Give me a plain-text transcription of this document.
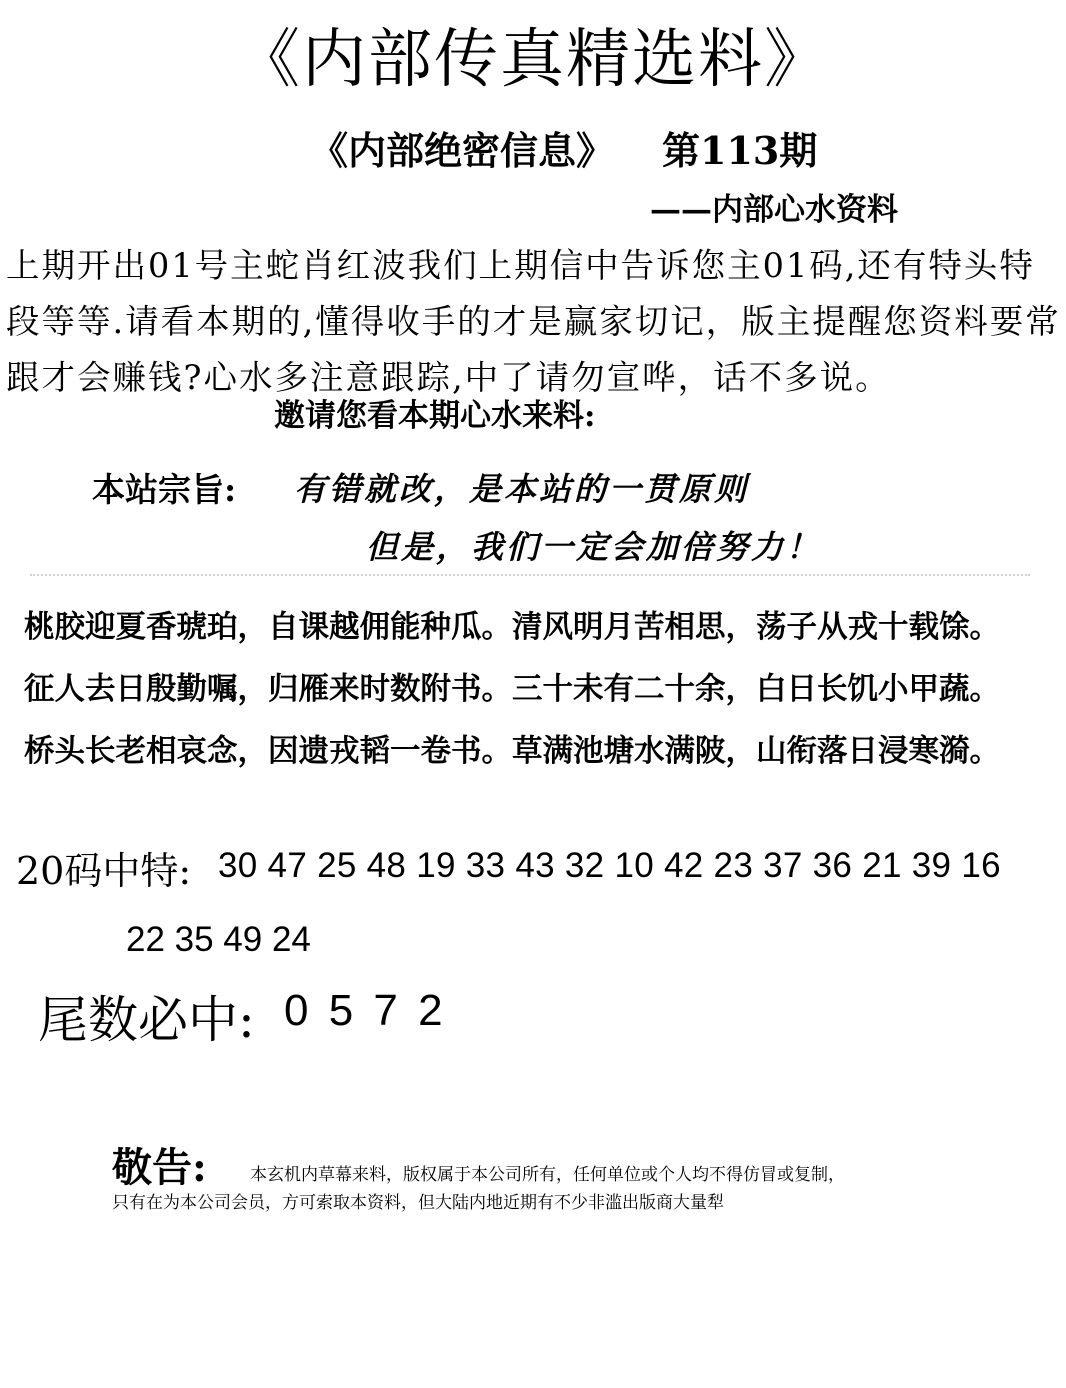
《内部传真精选料》
《内部绝密信息》 第113期
——内部心水资料
上期开出01号主蛇肖红波我们上期信中告诉您主01码,还有特头特段等等.请看本期的,懂得收手的才是赢家切记，版主提醒您资料要常跟才会赚钱?心水多注意跟踪,中了请勿宣哗，话不多说。
邀请您看本期心水来料:
本站宗旨: 有错就改，是本站的一贯原则
但是，我们一定会加倍努力！
桃胶迎夏香琥珀，自课越佣能种瓜。清风明月苦相思，荡子从戎十载馀。
征人去日殷勤嘱，归雁来时数附书。三十未有二十余，白日长饥小甲蔬。
桥头长老相哀念，因遗戎韬一卷书。草满池塘水满陂，山衔落日浸寒漪。
20码中特: 30 47 25 48 19 33 43 32 10 42 23 37 36 21 39 16
22 35 49 24
尾数必中: 0 5 7 2
敬告:	本玄机内草幕来料，版权属于本公司所有，任何单位或个人均不得仿冒或复制，
只有在为本公司会员，方可索取本资料，但大陆内地近期有不少非滥出版商大量犁
